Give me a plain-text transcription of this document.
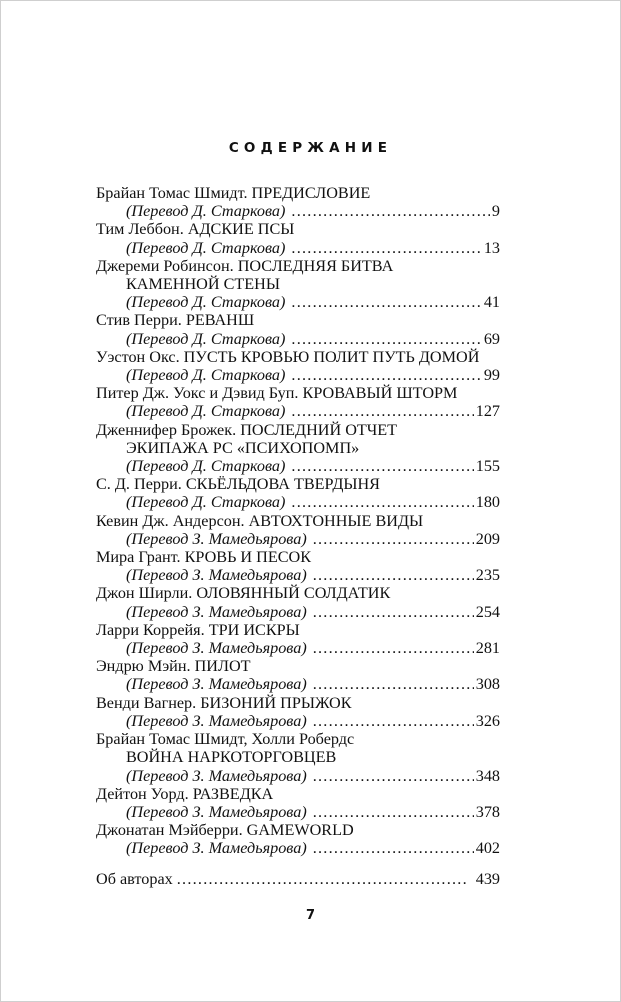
СОДЕРЖАНИЕ
Брайан Томас Шмидт. ПРЕДИСЛОВИЕ
(Перевод Д. Старкова) . . .	9
Тим Леббон. АДСКИЕ ПСЫ
(Перевод Д. Старкова) . . .	13
Джереми Робинсон. ПОСЛЕДНЯЯ БИТВА
КАМЕННОЙ СТЕНЫ
(Перевод Д. Старкова) . . .	41
Стив Перри. РЕВАНШ
(Перевод Д. Старкова) . . .	69
Уэстон Окс. ПУСТЬ КРОВЬЮ ПОЛИТ ПУТЬ ДОМОЙ
(Перевод Д. Старкова) . . .	99
Питер Дж. Уокс и Дэвид Буп. КРОВАВЫЙ ШТОРМ
(Перевод Д. Старкова) . . .	127
Дженнифер Брожек. ПОСЛЕДНИЙ ОТЧЕТ
ЭКИПАЖА РС «ПСИХОПОМП»
(Перевод Д. Старкова) . . .	155
С. Д. Перри. СКЬЁЛЬДОВА ТВЕРДЫНЯ
(Перевод Д. Старкова) . . .	180
Кевин Дж. Андерсон. АВТОХТОННЫЕ ВИДЫ
(Перевод З. Мамедьярова) . . .	209
Мира Грант. КРОВЬ И ПЕСОК
(Перевод З. Мамедьярова) . . .	235
Джон Ширли. ОЛОВЯННЫЙ СОЛДАТИК
(Перевод З. Мамедьярова) . . .	254
Ларри Коррейя. ТРИ ИСКРЫ
(Перевод З. Мамедьярова) . . .	281
Эндрю Мэйн. ПИЛОТ
(Перевод З. Мамедьярова) . . .	308
Венди Вагнер. БИЗОНИЙ ПРЫЖОК
(Перевод З. Мамедьярова) . . .	326
Брайан Томас Шмидт, Холли Робердс
ВОЙНА НАРКОТОРГОВЦЕВ
(Перевод З. Мамедьярова) . . .	348
Дейтон Уорд. РАЗВЕДКА
(Перевод З. Мамедьярова) . . .	378
Джонатан Мэйберри. GAMEWORLD
(Перевод З. Мамедьярова) . . .	402
Об авторах . . .	439
7
